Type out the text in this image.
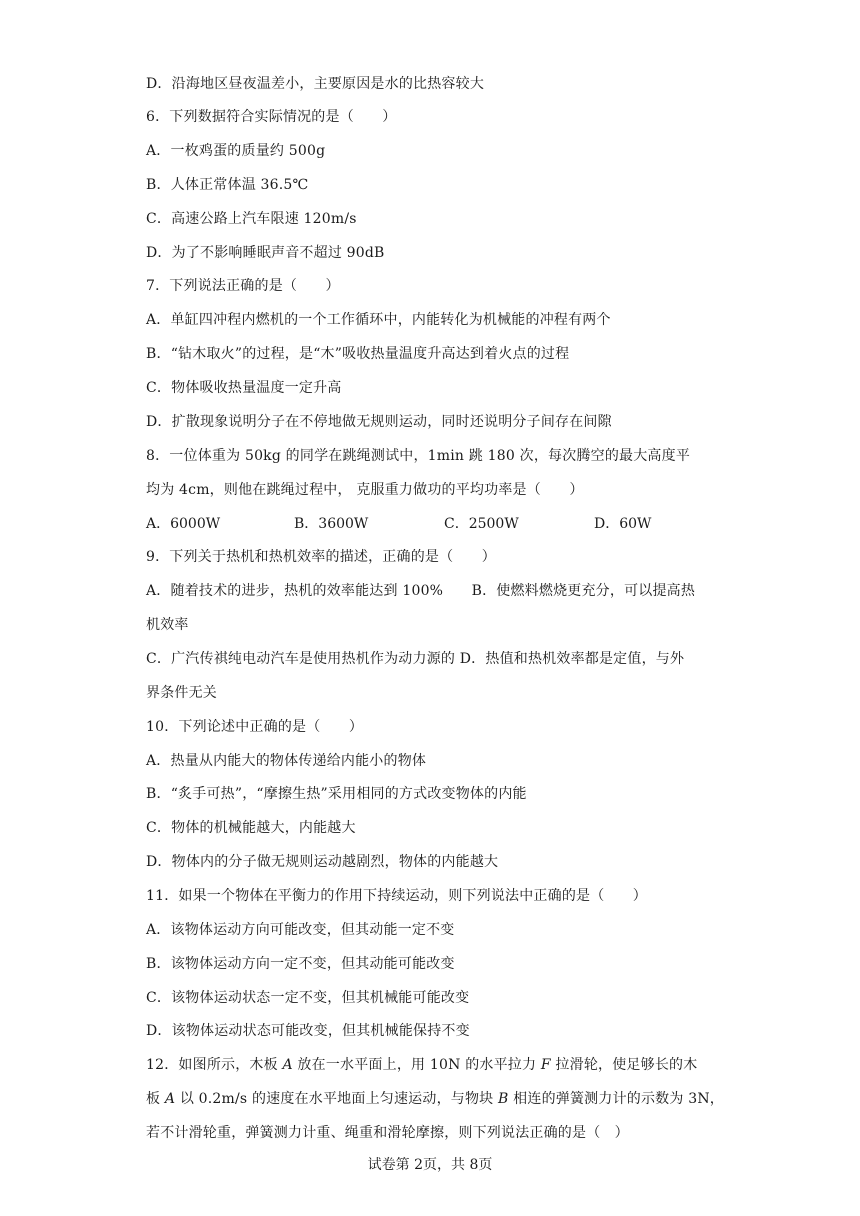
D．沿海地区昼夜温差小，主要原因是水的比热容较大
6．下列数据符合实际情况的是（　　）
A．一枚鸡蛋的质量约 500g
B．人体正常体温 36.5℃
C．高速公路上汽车限速 120m/s
D．为了不影响睡眠声音不超过 90dB
7．下列说法正确的是（　　）
A．单缸四冲程内燃机的一个工作循环中，内能转化为机械能的冲程有两个
B．“钻木取火”的过程，是“木”吸收热量温度升高达到着火点的过程
C．物体吸收热量温度一定升高
D．扩散现象说明分子在不停地做无规则运动，同时还说明分子间存在间隙
8．一位体重为 50kg 的同学在跳绳测试中，1min 跳 180 次，每次腾空的最大高度平
均为 4cm，则他在跳绳过程中， 克服重力做功的平均功率是（　　）
A．6000W	B．3600W	C．2500W	D．60W
9．下列关于热机和热机效率的描述，正确的是（　　）
A．随着技术的进步，热机的效率能达到 100%　　B．使燃料燃烧更充分，可以提高热
机效率
C．广汽传祺纯电动汽车是使用热机作为动力源的 D．热值和热机效率都是定值，与外
界条件无关
10．下列论述中正确的是（　　）
A．热量从内能大的物体传递给内能小的物体
B．“炙手可热”，“摩擦生热”采用相同的方式改变物体的内能
C．物体的机械能越大，内能越大
D．物体内的分子做无规则运动越剧烈，物体的内能越大
11．如果一个物体在平衡力的作用下持续运动，则下列说法中正确的是（　　）
A．该物体运动方向可能改变，但其动能一定不变
B．该物体运动方向一定不变，但其动能可能改变
C．该物体运动状态一定不变，但其机械能可能改变
D．该物体运动状态可能改变，但其机械能保持不变
12．如图所示，木板 A 放在一水平面上，用 10N 的水平拉力 F 拉滑轮，使足够长的木
板 A 以 0.2m/s 的速度在水平地面上匀速运动，与物块 B 相连的弹簧测力计的示数为 3N，
若不计滑轮重，弹簧测力计重、绳重和滑轮摩擦，则下列说法正确的是（　）
试卷第 2页，共 8页
